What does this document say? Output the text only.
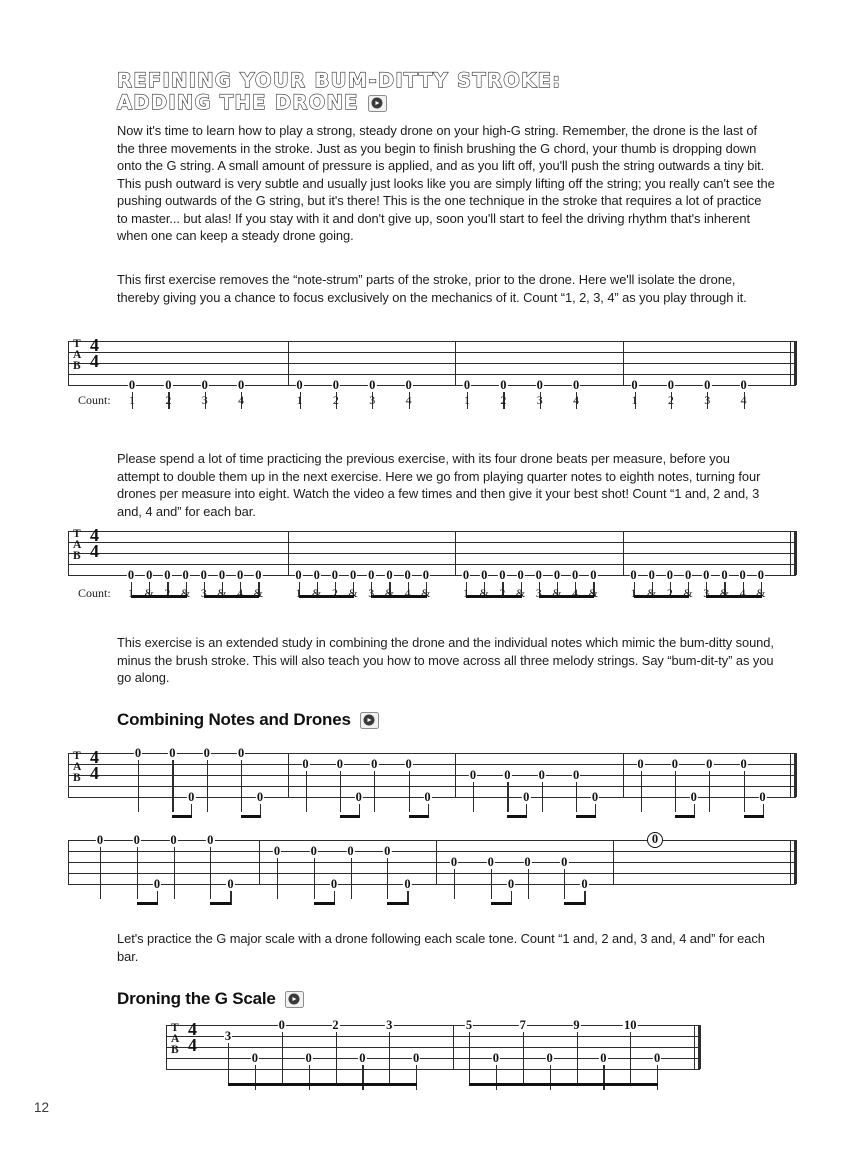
REFINING YOUR BUM-DITTY STROKE:
ADDING THE DRONE
Now it's time to learn how to play a strong, steady drone on your high-G string. Remember, the drone is the last of the three movements in the stroke. Just as you begin to finish brushing the G chord, your thumb is dropping down onto the G string. A small amount of pressure is applied, and as you lift off, you'll push the string outwards a tiny bit. This push outward is very subtle and usually just looks like you are simply lifting off the string; you really can't see the pushing outwards of the G string, but it's there! This is the one technique in the stroke that requires a lot of practice to master... but alas! If you stay with it and don't give up, soon you'll start to feel the driving rhythm that's inherent when one can keep a steady drone going.
This first exercise removes the “note-strum” parts of the stroke, prior to the drone. Here we'll isolate the drone, thereby giving you a chance to focus exclusively on the mechanics of it. Count “1, 2, 3, 4” as you play through it.
T
A
B
4
4
0 0 0 0	0 0 0 0	0 0 0 0	0 0 0 0
Count: 1	2	3	4	1	2	3	4	1	2	3	4	1	2	3	4
Please spend a lot of time practicing the previous exercise, with its four drone beats per measure, before you attempt to double them up in the next exercise. Here we go from playing quarter notes to eighth notes, turning four drones per measure into eight. Watch the video a few times and then give it your best shot! Count “1 and, 2 and, 3 and, 4 and” for each bar.
T
A
B
4
4
0 0 0 0 0 0 0 0	0 0 0 0 0 0 0 0	0 0 0 0 0 0 0 0	0 0 0 0 0 0 0 0
Count: 1 & 2 & 3 & 4 &	1 & 2 & 3 & 4 &	1 & 2 & 3 & 4 &	1 & 2 & 3 & 4 &
This exercise is an extended study in combining the drone and the individual notes which mimic the bum-ditty sound, minus the brush stroke. This will also teach you how to move across all three melody strings. Say “bum-dit-ty” as you go along.
Combining Notes and Drones
T
A
B
4
4
0 0 0 0
0	0
0 0 0 0
0	0
0 0 0 0
0	0
0 0 0 0
0	0
0 0 0 0
0	0
0 0 0 0
0	0
0 0 0 0
0	0
0
Let's practice the G major scale with a drone following each scale tone. Count “1 and, 2 and, 3 and, 4 and” for each bar.
Droning the G Scale
T
A
B
4
4 3
0
0
0
2
0
3
0
5
0
7
0
9
0
10
0
12
